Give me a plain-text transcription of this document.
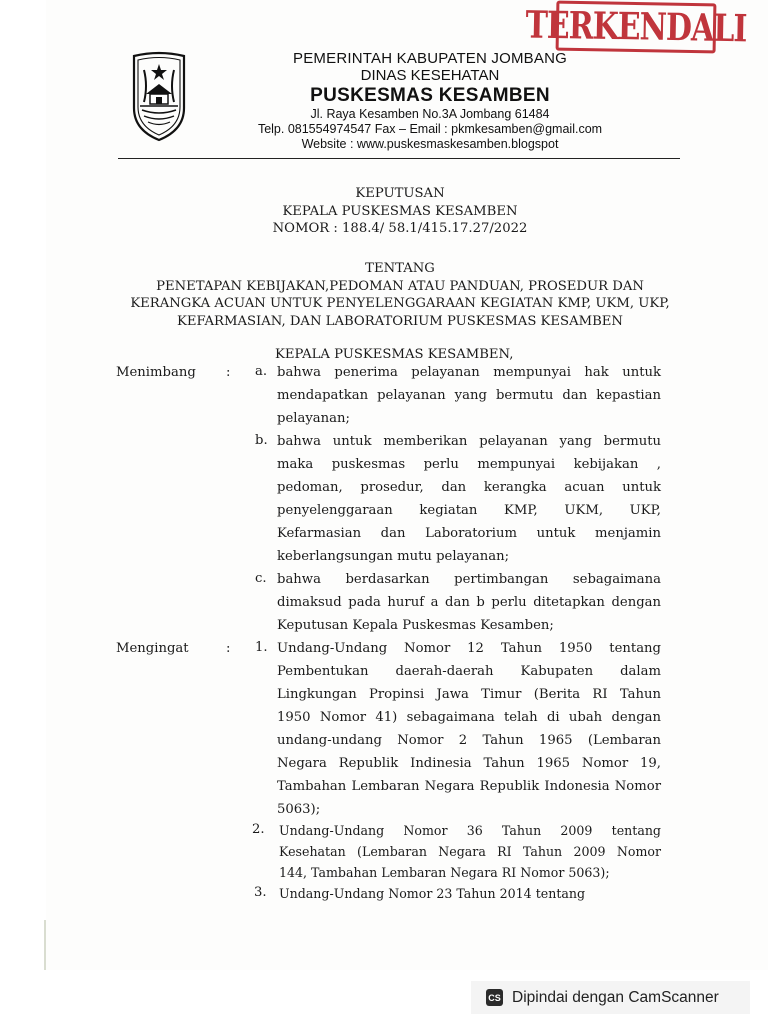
TERKENDALI
PEMERINTAH KABUPATEN JOMBANG
DINAS KESEHATAN
PUSKESMAS KESAMBEN
Jl. Raya Kesamben No.3A Jombang 61484
Telp. 081554974547 Fax – Email : pkmkesamben@gmail.com
Website : www.puskesmaskesamben.blogspot
KEPUTUSAN
KEPALA PUSKESMAS KESAMBEN
NOMOR : 188.4/ 58.1/415.17.27/2022
TENTANG
PENETAPAN KEBIJAKAN,PEDOMAN ATAU PANDUAN, PROSEDUR DAN
KERANGKA ACUAN UNTUK PENYELENGGARAAN KEGIATAN KMP, UKM, UKP,
KEFARMASIAN, DAN LABORATORIUM PUSKESMAS KESAMBEN
KEPALA PUSKESMAS KESAMBEN,
Menimbang : a. bahwa penerima pelayanan mempunyai hak untuk
mendapatkan pelayanan yang bermutu dan kepastian
pelayanan;
b. bahwa untuk memberikan pelayanan yang bermutu
maka puskesmas perlu mempunyai kebijakan ,
pedoman, prosedur, dan kerangka acuan untuk
penyelenggaraan kegiatan KMP, UKM, UKP,
Kefarmasian dan Laboratorium untuk menjamin
keberlangsungan mutu pelayanan;
c. bahwa berdasarkan pertimbangan sebagaimana
dimaksud pada huruf a dan b perlu ditetapkan dengan
Keputusan Kepala Puskesmas Kesamben;
Mengingat	: 1. Undang-Undang Nomor 12 Tahun 1950 tentang
Pembentukan daerah-daerah Kabupaten dalam
Lingkungan Propinsi Jawa Timur (Berita RI Tahun
1950 Nomor 41) sebagaimana telah di ubah dengan
undang-undang Nomor 2 Tahun 1965 (Lembaran
Negara Republik Indinesia Tahun 1965 Nomor 19,
Tambahan Lembaran Negara Republik Indonesia Nomor
5063);
2. Undang-Undang Nomor 36 Tahun 2009 tentang
Kesehatan (Lembaran Negara RI Tahun 2009 Nomor
144, Tambahan Lembaran Negara RI Nomor 5063);
3. Undang-Undang Nomor 23 Tahun 2014 tentang
CS Dipindai dengan CamScanner
